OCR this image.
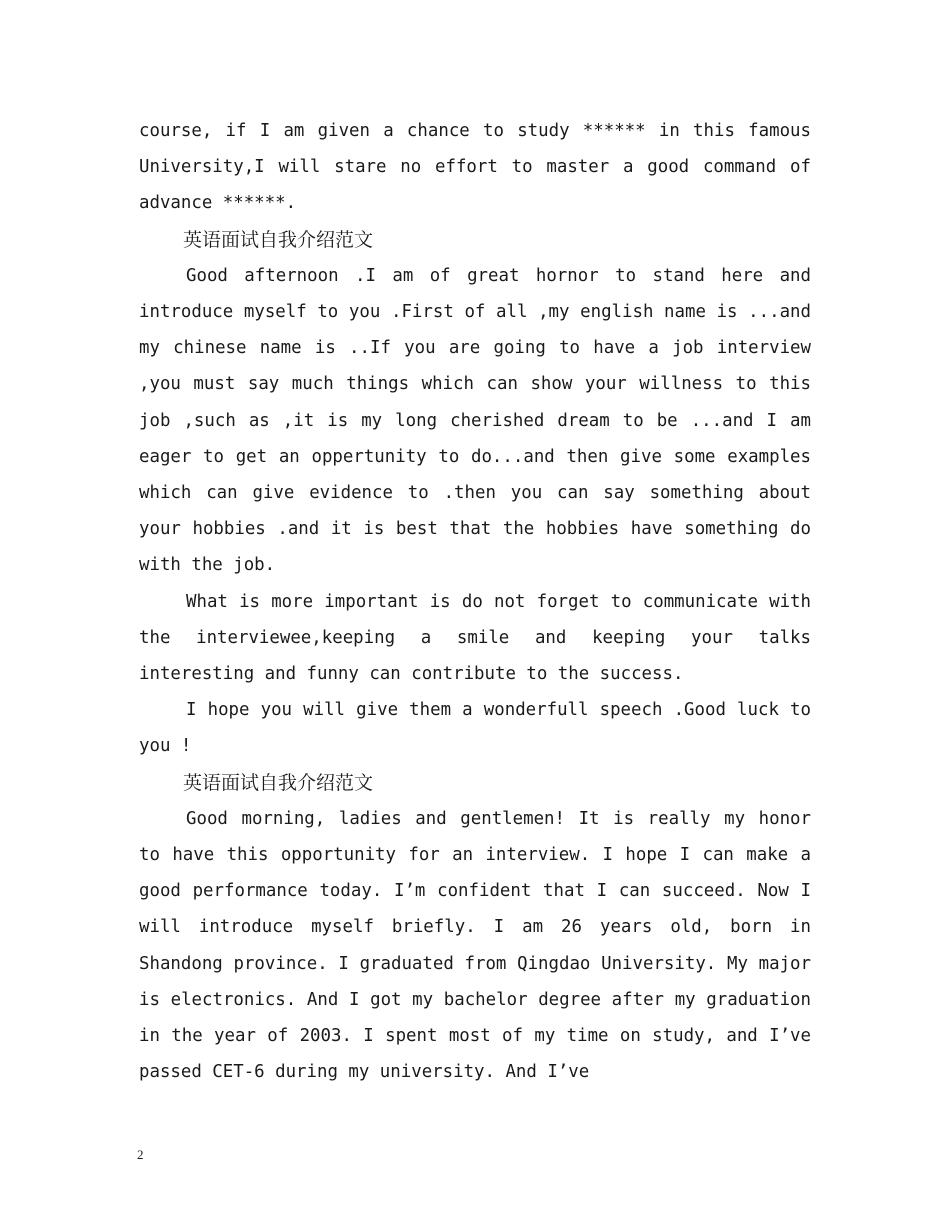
course, if I am given a chance to study ****** in this famous University,I will stare no effort to master a good command of advance ******.

英语面试自我介绍范文

Good afternoon .I am of great hornor to stand here and introduce myself to you .First of all ,my english name is ...and my chinese name is ..If you are going to have a job interview ,you must say much things which can show your willness to this job ,such as ,it is my long cherished dream to be ...and I am eager to get an oppertunity to do...and then give some examples which can give evidence to .then you can say something about your hobbies .and it is best that the hobbies have something do with the job.

What is more important is do not forget to communicate with the interviewee,keeping a smile and keeping your talks interesting and funny can contribute to the success.

I hope you will give them a wonderfull speech .Good luck to you !

英语面试自我介绍范文

Good morning, ladies and gentlemen! It is really my honor to have this opportunity for an interview. I hope I can make a good performance today. I’m confident that I can succeed. Now I will introduce myself briefly. I am 26 years old, born in Shandong province. I graduated from Qingdao University. My major is electronics. And I got my bachelor degree after my graduation in the year of 2003. I spent most of my time on study, and I’ve passed CET-6 during my university. And I’ve

2
